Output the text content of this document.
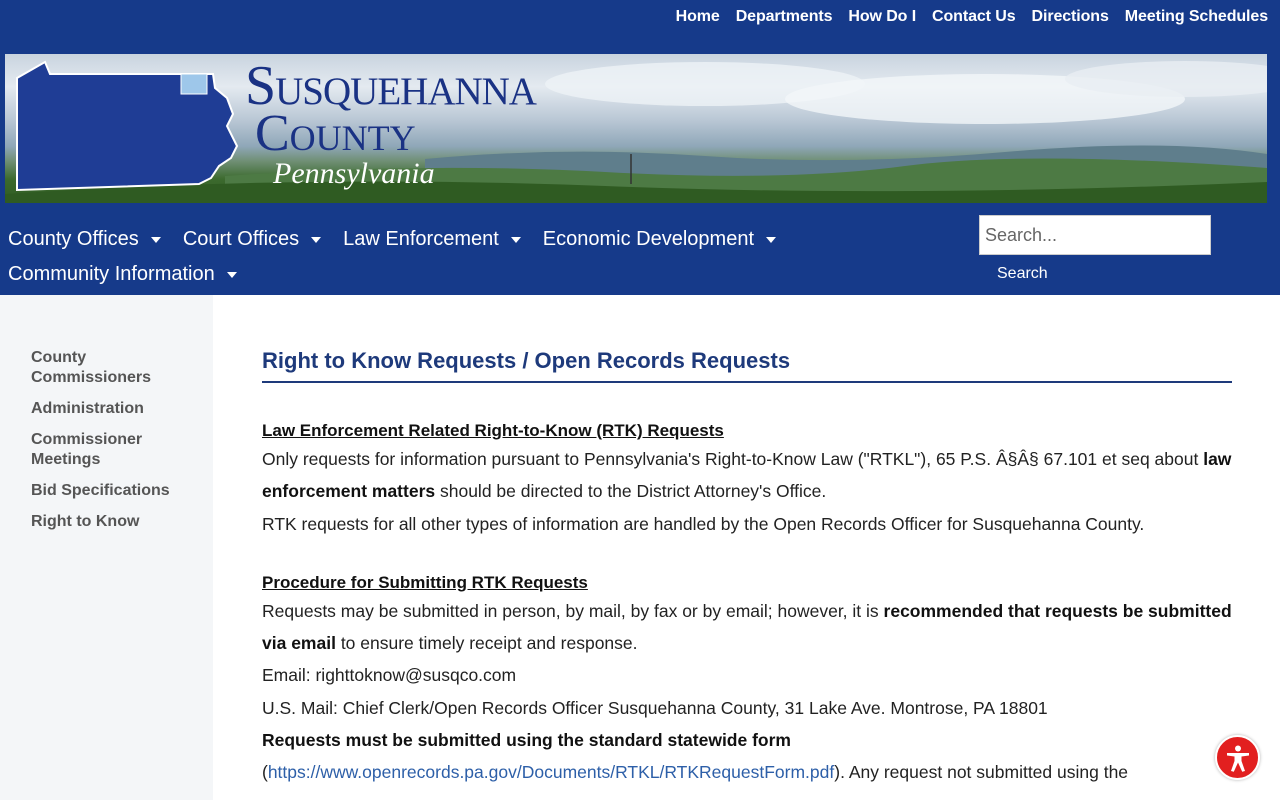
Home Departments How Do I Contact Us Directions Meeting Schedules
Susquehanna
County
Pennsylvania
County Offices Court Offices Law Enforcement Economic Development
Community Information
Search...	Search
County Commissioners
Administration
Commissioner Meetings
Bid Specifications
Right to Know
Right to Know Requests / Open Records Requests
Law Enforcement Related Right-to-Know (RTK) Requests
Only requests for information pursuant to Pennsylvania's Right-to-Know Law ("RTKL"), 65 P.S. Â§Â§ 67.101 et seq about law enforcement matters should be directed to the District Attorney's Office.
RTK requests for all other types of information are handled by the Open Records Officer for Susquehanna County.
Procedure for Submitting RTK Requests
Requests may be submitted in person, by mail, by fax or by email; however, it is recommended that requests be submitted via email to ensure timely receipt and response.
Email: righttoknow@susqco.com
U.S. Mail: Chief Clerk/Open Records Officer Susquehanna County, 31 Lake Ave. Montrose, PA 18801
Requests must be submitted using the standard statewide form
(https://www.openrecords.pa.gov/Documents/RTKL/RTKRequestForm.pdf). Any request not submitted using the
